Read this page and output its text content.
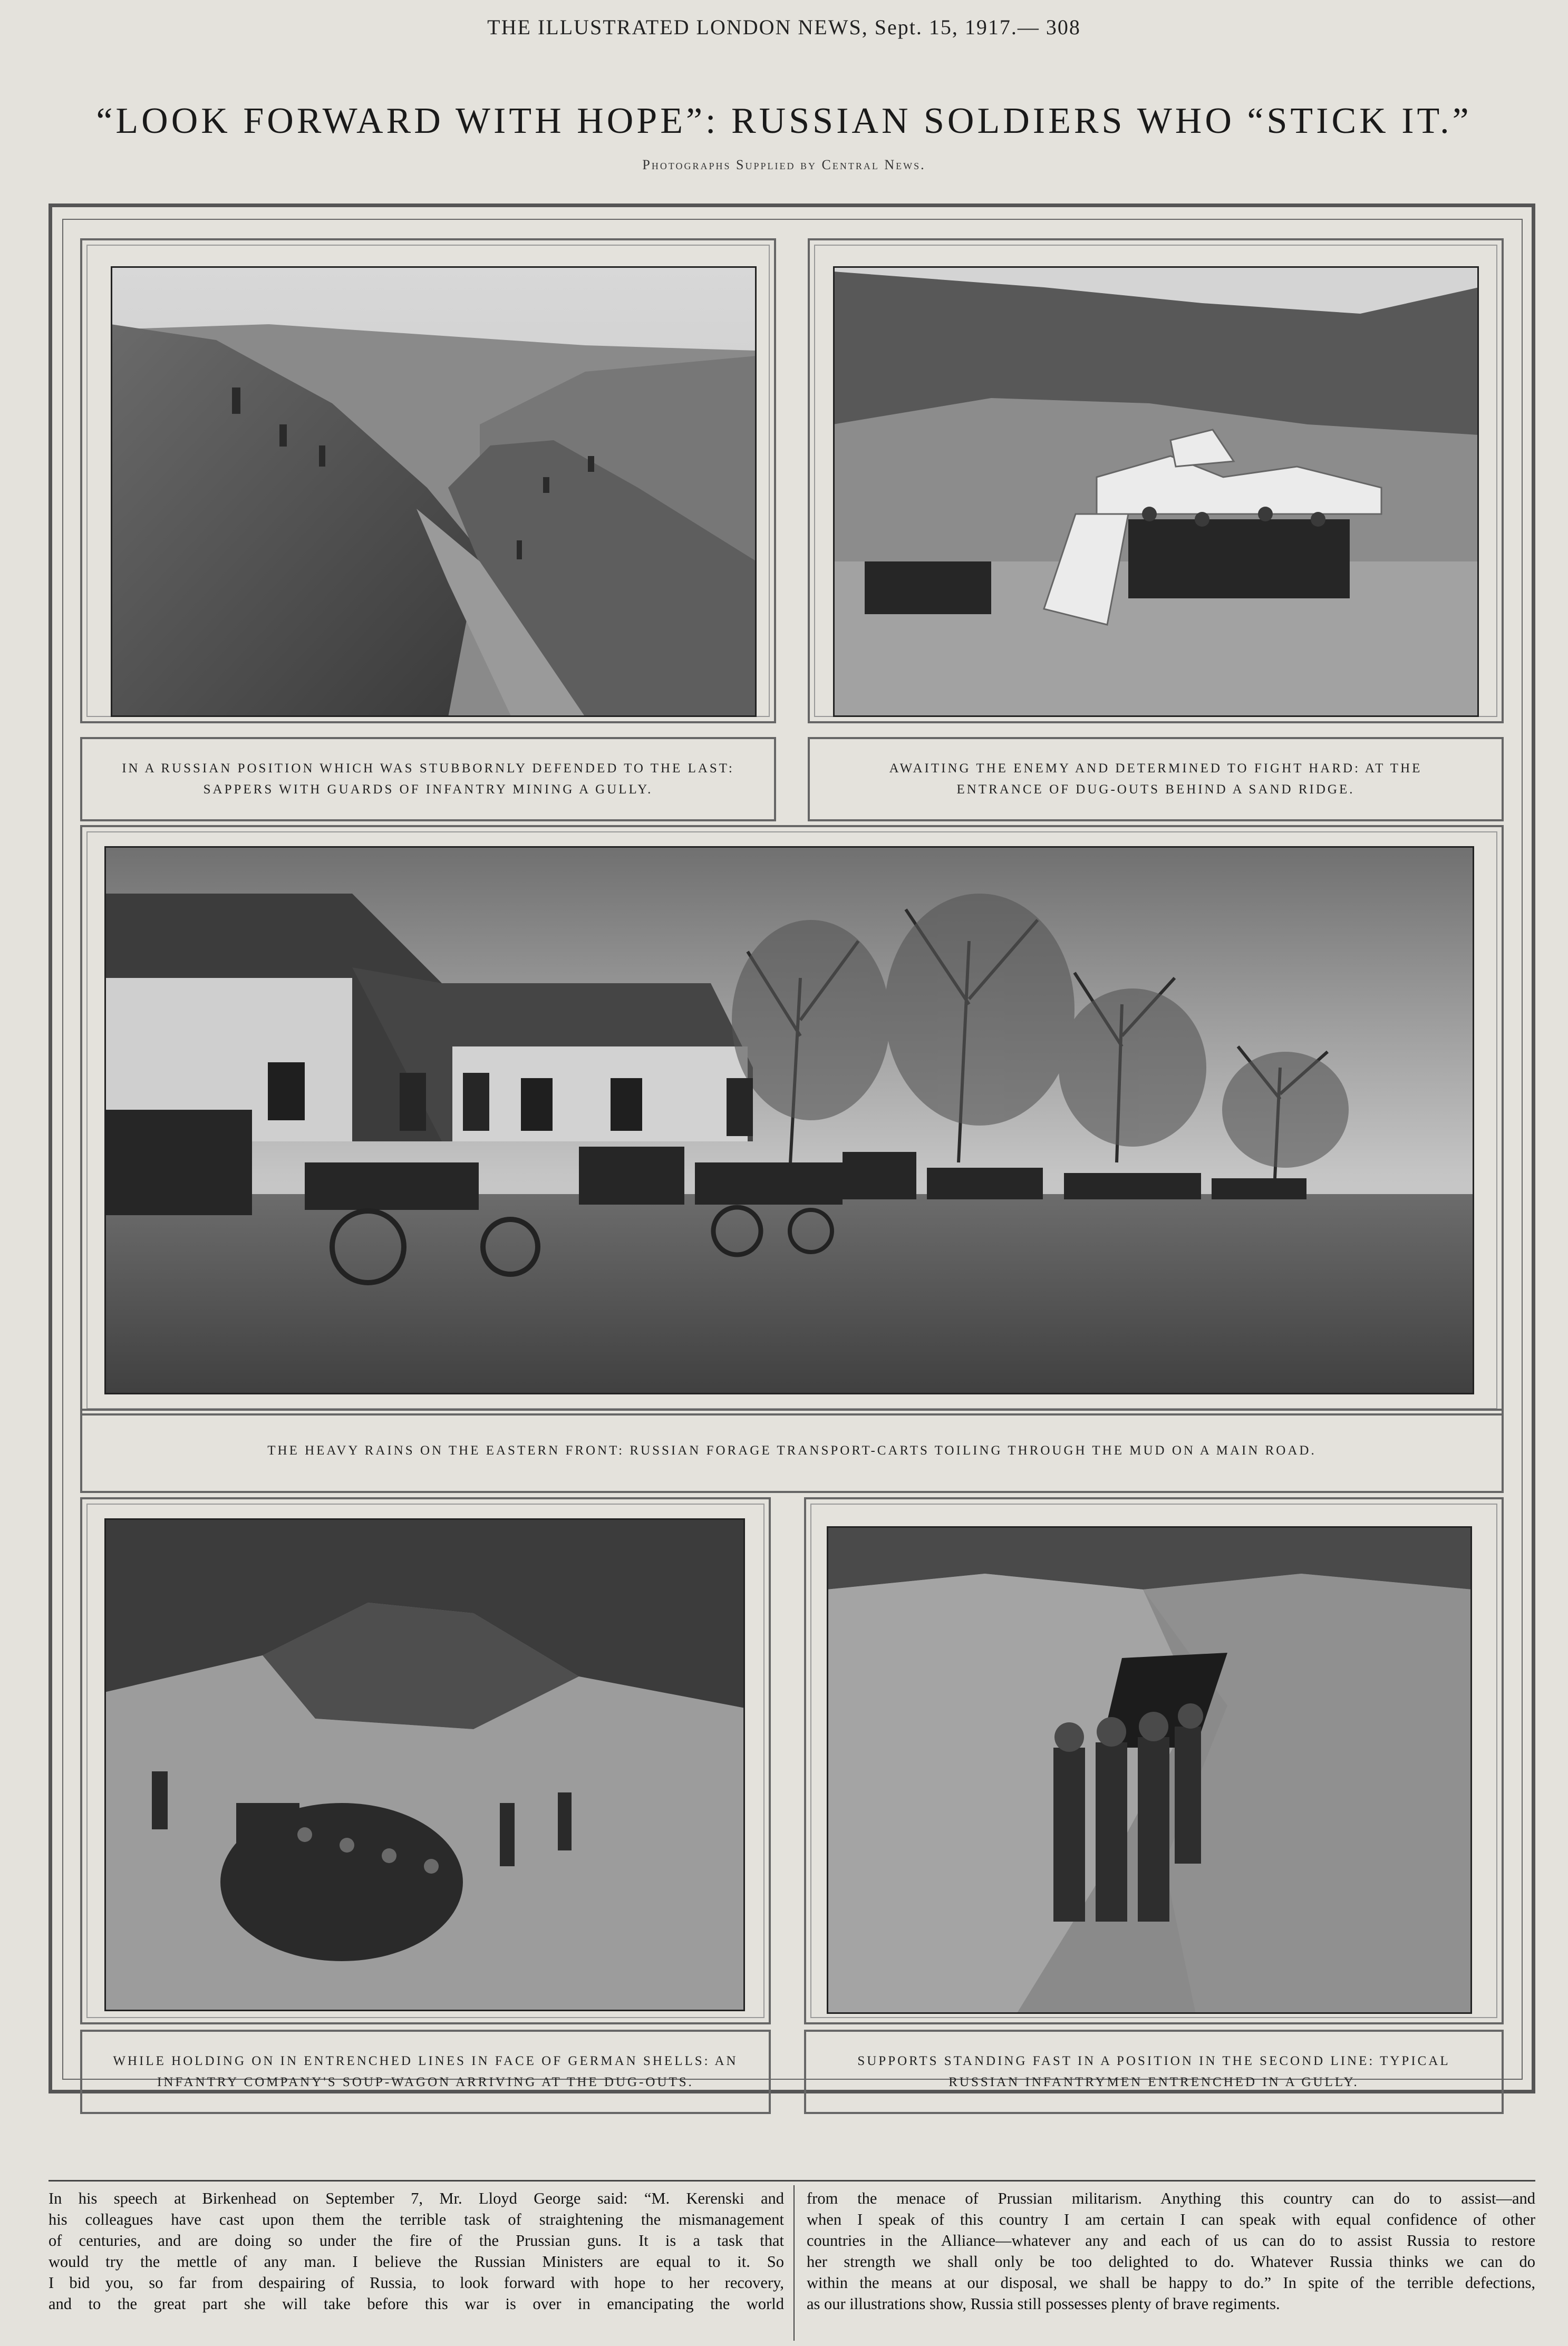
THE ILLUSTRATED LONDON NEWS, Sept. 15, 1917.— 308
“LOOK FORWARD WITH HOPE”: RUSSIAN SOLDIERS WHO “STICK IT.”
Photographs Supplied by Central News.
IN A RUSSIAN POSITION WHICH WAS STUBBORNLY DEFENDED TO THE LAST:
SAPPERS WITH GUARDS OF INFANTRY MINING A GULLY.
AWAITING THE ENEMY AND DETERMINED TO FIGHT HARD: AT THE
ENTRANCE OF DUG-OUTS BEHIND A SAND RIDGE.
THE HEAVY RAINS ON THE EASTERN FRONT: RUSSIAN FORAGE TRANSPORT-CARTS TOILING THROUGH THE MUD ON A MAIN ROAD.
WHILE HOLDING ON IN ENTRENCHED LINES IN FACE OF GERMAN SHELLS: AN
INFANTRY COMPANY'S SOUP-WAGON ARRIVING AT THE DUG-OUTS.
SUPPORTS STANDING FAST IN A POSITION IN THE SECOND LINE: TYPICAL
RUSSIAN INFANTRYMEN ENTRENCHED IN A GULLY.
In his speech at Birkenhead on September 7, Mr. Lloyd George said: “M. Kerenski and
his colleagues have cast upon them the terrible task of straightening the mismanagement
of centuries, and are doing so under the fire of the Prussian guns. It is a task that
would try the mettle of any man. I believe the Russian Ministers are equal to it. So
I bid you, so far from despairing of Russia, to look forward with hope to her recovery,
and to the great part she will take before this war is over in emancipating the world
from the menace of Prussian militarism. Anything this country can do to assist—and
when I speak of this country I am certain I can speak with equal confidence of other
countries in the Alliance—whatever any and each of us can do to assist Russia to restore
her strength we shall only be too delighted to do. Whatever Russia thinks we can do
within the means at our disposal, we shall be happy to do.” In spite of the terrible defections,
as our illustrations show, Russia still possesses plenty of brave regiments.
